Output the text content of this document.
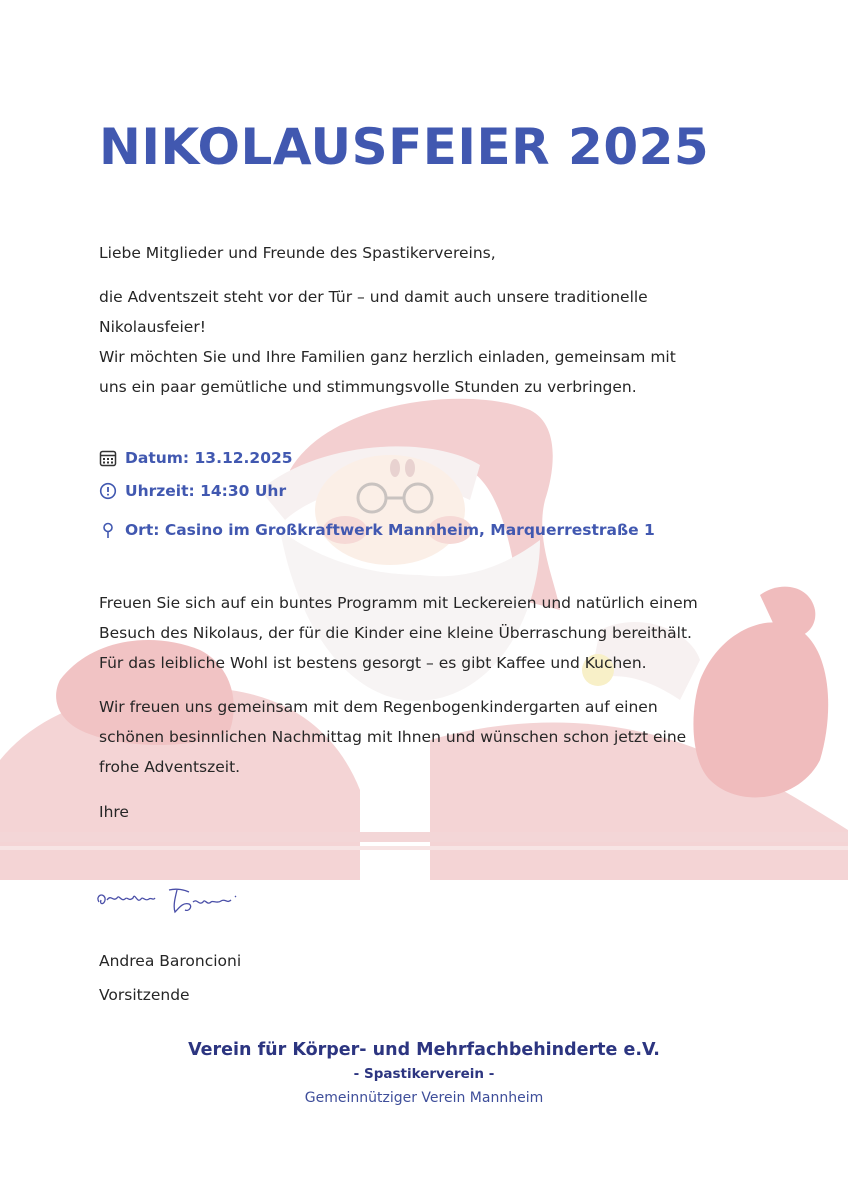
NIKOLAUSFEIER 2025

Liebe Mitglieder und Freunde des Spastikervereins,

die Adventszeit steht vor der Tür – und damit auch unsere traditionelle
Nikolausfeier!
Wir möchten Sie und Ihre Familien ganz herzlich einladen, gemeinsam mit
uns ein paar gemütliche und stimmungsvolle Stunden zu verbringen.
Datum: 13.12.2025
Uhrzeit: 14:30 Uhr
Ort: Casino im Großkraftwerk Mannheim, Marquerrestraße 1
Freuen Sie sich auf ein buntes Programm mit Leckereien und natürlich einem
Besuch des Nikolaus, der für die Kinder eine kleine Überraschung bereithält.
Für das leibliche Wohl ist bestens gesorgt – es gibt Kaffee und Kuchen.
Wir freuen uns gemeinsam mit dem Regenbogenkindergarten auf einen
schönen besinnlichen Nachmittag mit Ihnen und wünschen schon jetzt eine
frohe Adventszeit.

Ihre

Andrea Baroncioni
Vorsitzende
Verein für Körper- und Mehrfachbehinderte e.V.
- Spastikerverein -
Gemeinnütziger Verein Mannheim
